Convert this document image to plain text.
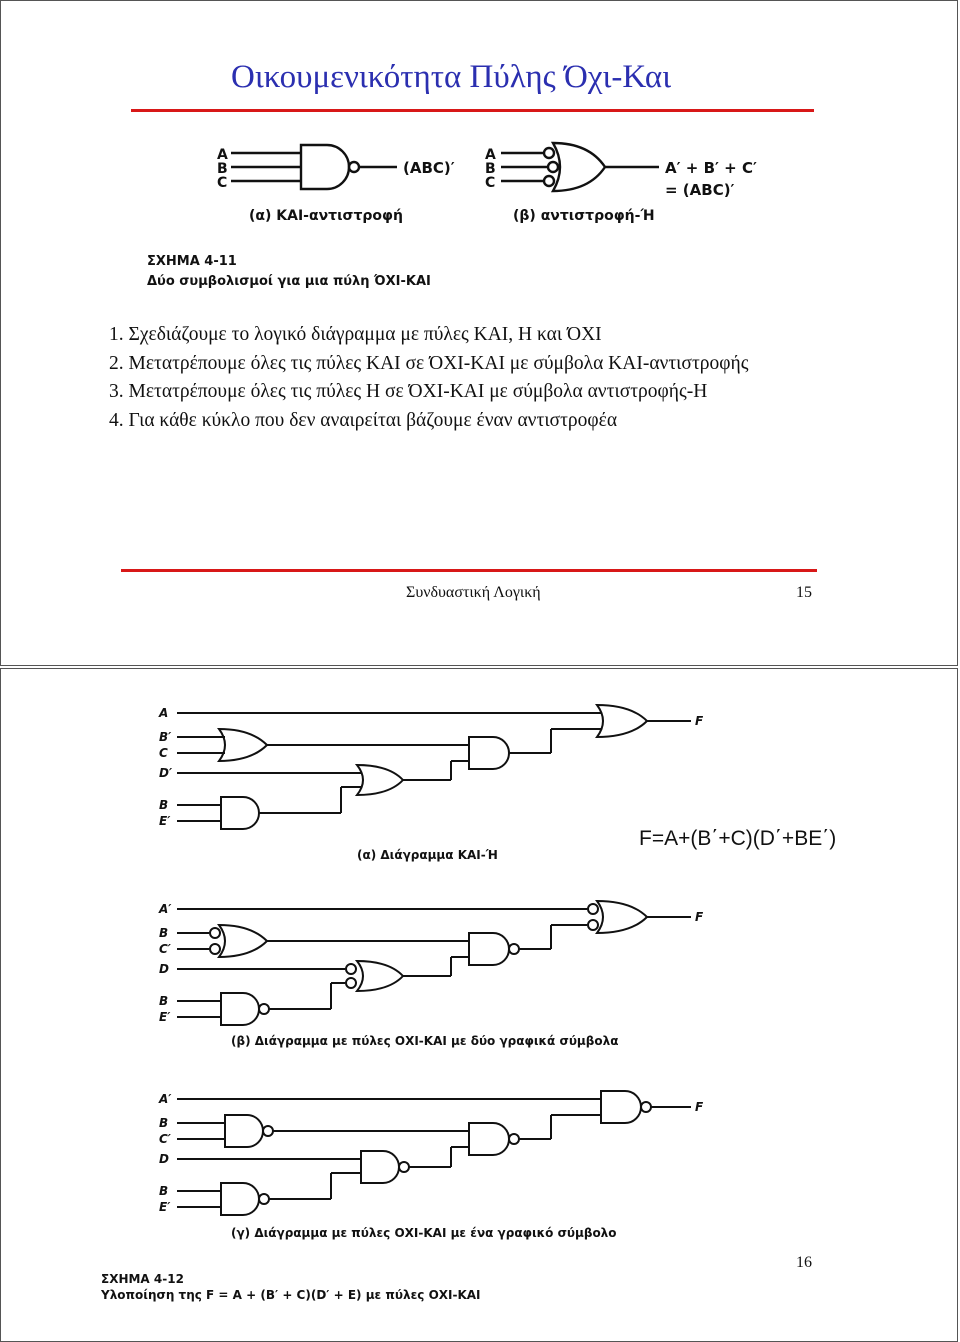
Οικουμενικότητα Πύλης Όχι-Και
A
B
C
(ABC)′
(α) ΚΑΙ-αντιστροφή
A
B
C
A′ + B′ + C′
= (ABC)′
(β) αντιστροφή-Ή
ΣΧΗΜΑ 4-11
Δύο συμβολισμοί για μια πύλη ΌΧΙ-ΚΑΙ
1. Σχεδιάζουμε το λογικό διάγραμμα με πύλες ΚΑΙ, Η και ΌΧΙ
2. Μετατρέπουμε όλες τις πύλες ΚΑΙ σε ΌΧΙ-ΚΑΙ με σύμβολα ΚΑΙ-αντιστροφής
3. Μετατρέπουμε όλες τις πύλες Η σε ΌΧΙ-ΚΑΙ με σύμβολα αντιστροφής-Η
4. Για κάθε κύκλο που δεν αναιρείται βάζουμε έναν αντιστροφέα
Συνδυαστική Λογική	15
A
B′
C
D′
B
E′
F
(α) Διάγραμμα ΚΑΙ-Ή
F=A+(B΄+C)(D΄+BE΄)
A′
B
C′
D
B
E′
F
(β) Διάγραμμα με πύλες ΟΧΙ-ΚΑΙ με δύο γραφικά σύμβολα
A′
B
C′
D
B
E′
F
(γ) Διάγραμμα με πύλες ΟΧΙ-ΚΑΙ με ένα γραφικό σύμβολο
ΣΧΗΜΑ 4-12
Υλοποίηση της F = A + (B′ + C)(D′ + E) με πύλες ΟΧΙ-ΚΑΙ
16
